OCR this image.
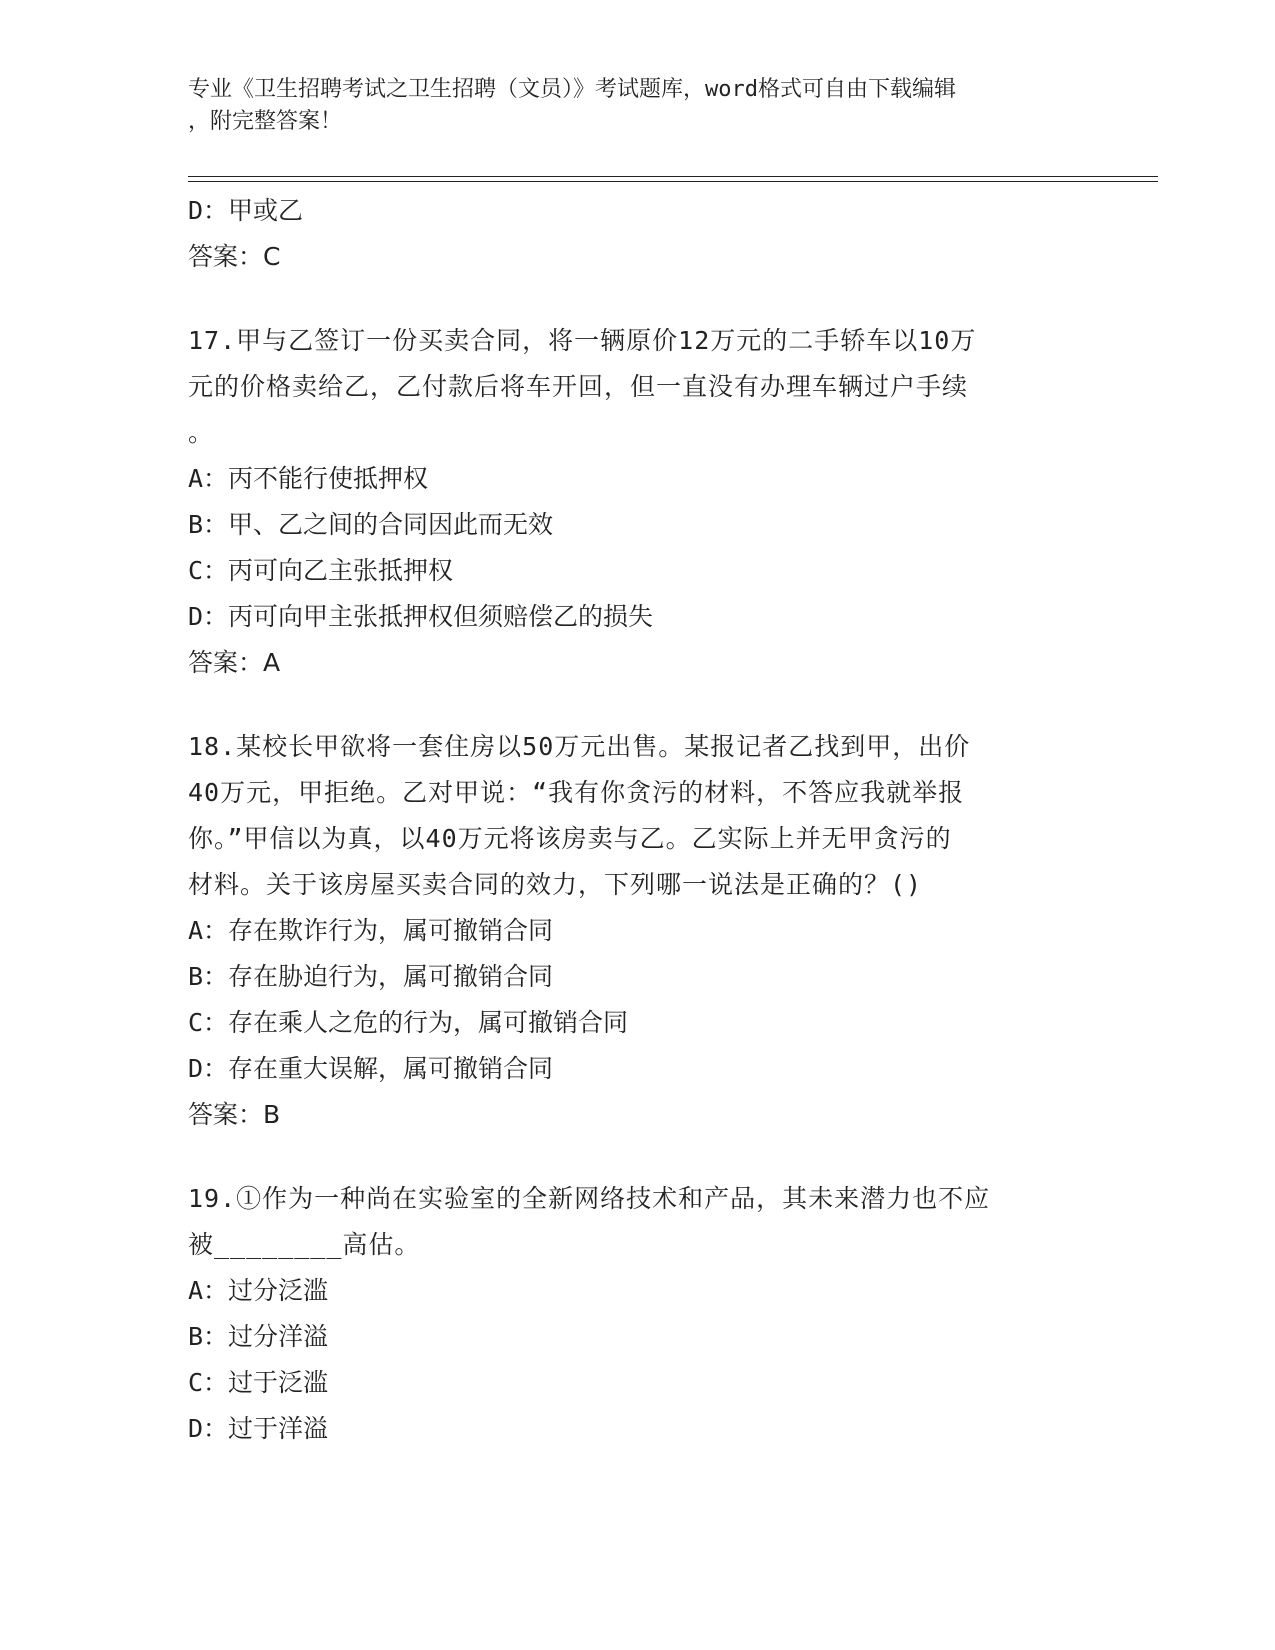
专业《卫生招聘考试之卫生招聘（文员）》考试题库，word格式可自由下载编辑
，附完整答案！
D：甲或乙
答案：C
17.甲与乙签订一份买卖合同，将一辆原价12万元的二手轿车以10万
元的价格卖给乙，乙付款后将车开回，但一直没有办理车辆过户手续
。
A：丙不能行使抵押权
B：甲、乙之间的合同因此而无效
C：丙可向乙主张抵押权
D：丙可向甲主张抵押权但须赔偿乙的损失
答案：A
18.某校长甲欲将一套住房以50万元出售。某报记者乙找到甲，出价
40万元，甲拒绝。乙对甲说：“我有你贪污的材料，不答应我就举报
你。”甲信以为真，以40万元将该房卖与乙。乙实际上并无甲贪污的
材料。关于该房屋买卖合同的效力，下列哪一说法是正确的？()
A：存在欺诈行为，属可撤销合同
B：存在胁迫行为，属可撤销合同
C：存在乘人之危的行为，属可撤销合同
D：存在重大误解，属可撤销合同
答案：B
19.①作为一种尚在实验室的全新网络技术和产品，其未来潜力也不应
被________高估。
A：过分泛滥
B：过分洋溢
C：过于泛滥
D：过于洋溢
